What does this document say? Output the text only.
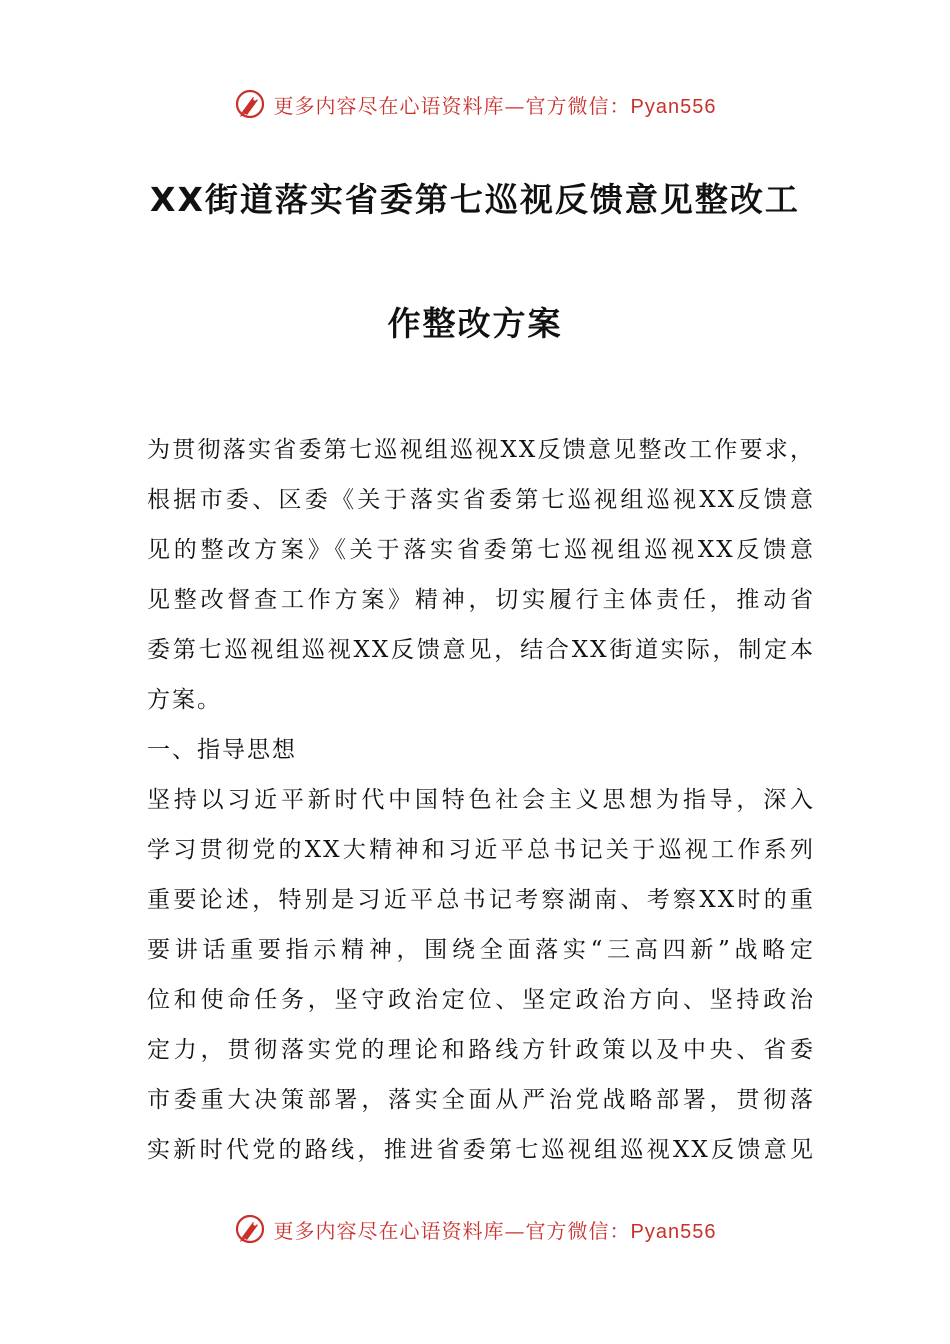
更多内容尽在心语资料库—官方微信：Pyan556
XX街道落实省委第七巡视反馈意见整改工
作整改方案
为贯彻落实省委第七巡视组巡视XX反馈意见整改工作要求，
根据市委、区委《关于落实省委第七巡视组巡视XX反馈意
见的整改方案》《关于落实省委第七巡视组巡视XX反馈意
见整改督查工作方案》精神，切实履行主体责任，推动省
委第七巡视组巡视XX反馈意见，结合XX街道实际，制定本
方案。
一、指导思想
坚持以习近平新时代中国特色社会主义思想为指导，深入
学习贯彻党的XX大精神和习近平总书记关于巡视工作系列
重要论述，特别是习近平总书记考察湖南、考察XX时的重
要讲话重要指示精神，围绕全面落实“三高四新”战略定
位和使命任务，坚守政治定位、坚定政治方向、坚持政治
定力，贯彻落实党的理论和路线方针政策以及中央、省委
市委重大决策部署，落实全面从严治党战略部署，贯彻落
实新时代党的路线，推进省委第七巡视组巡视XX反馈意见
更多内容尽在心语资料库—官方微信：Pyan556
